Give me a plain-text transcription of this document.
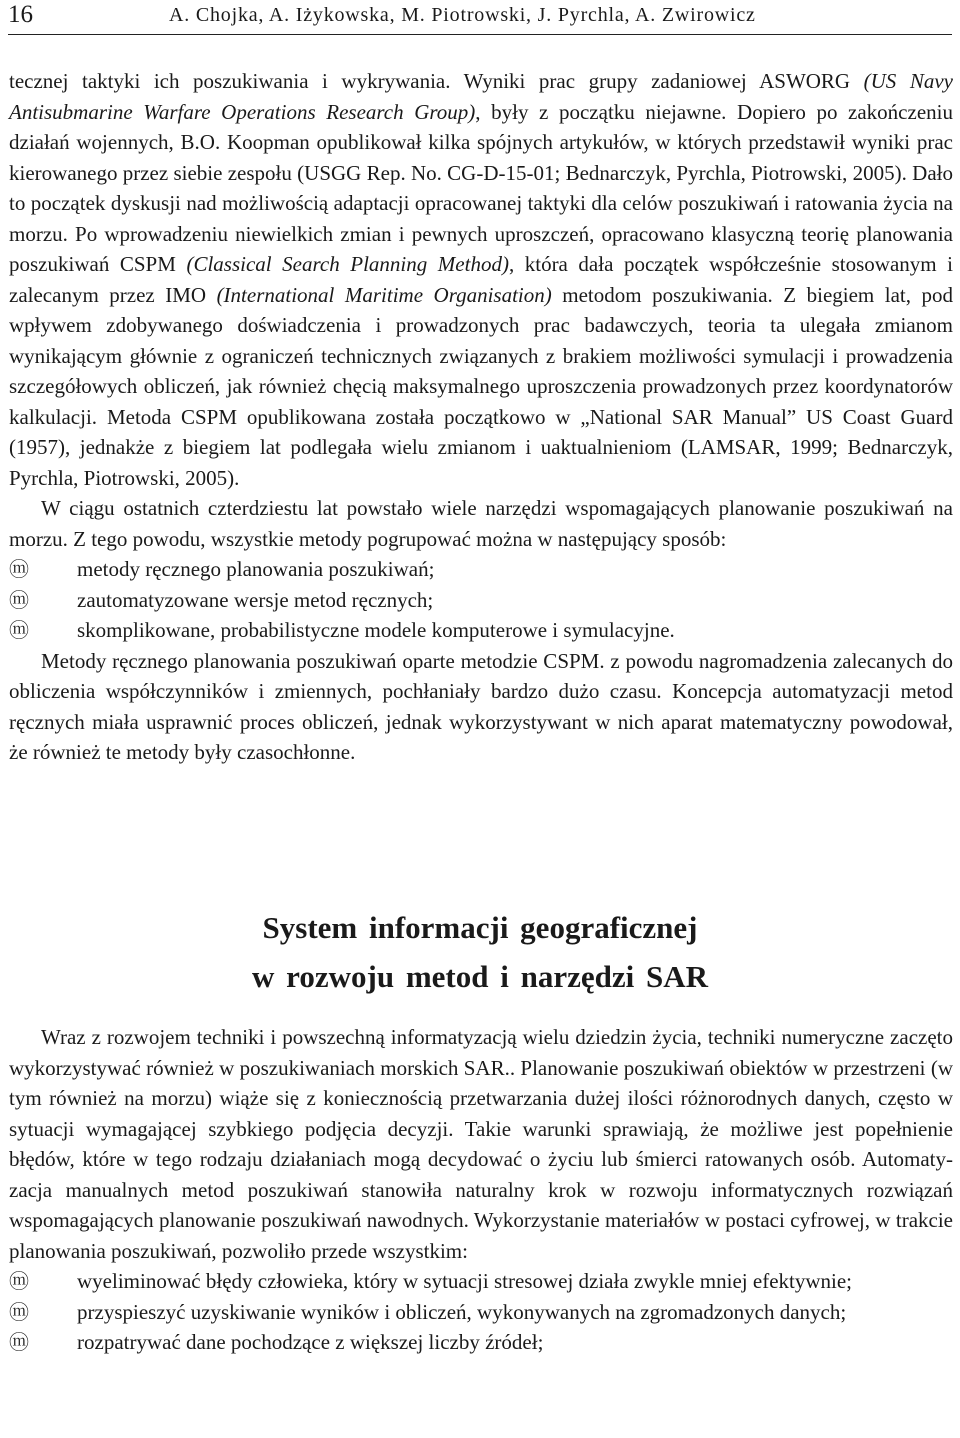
16	A. Chojka, A. Iżykowska, M. Piotrowski, J. Pyrchla, A. Zwirowicz

tecznej taktyki ich poszukiwania i wykrywania. Wyniki prac grupy zadaniowej ASWORG (US Navy Antisubmarine Warfare Operations Research Group), były z początku niejawne. Dopiero po zakończeniu działań wojennych, B.O. Koopman opublikował kilka spójnych artykułów, w których przedstawił wyniki prac kierowanego przez siebie zespołu (USGG Rep. No. CG-D-15-01; Bednarczyk, Pyrchla, Piotrowski, 2005). Dało to początek dyskusji nad możliwością adaptacji opracowanej taktyki dla celów poszukiwań i ratowania życia na morzu. Po wprowadzeniu niewielkich zmian i pewnych uproszczeń, opracowano klasyczną teorię planowania poszukiwań CSPM (Classical Search Planning Method), która dała początek współcześnie stosowanym i zalecanym przez IMO (International Maritime Organisation) metodom poszukiwania. Z biegiem lat, pod wpływem zdobywanego doświadczenia i prowadzonych prac badawczych, teoria ta ulegała zmianom wynikającym głównie z ograniczeń technicznych związanych z brakiem możliwości symulacji i prowadzenia szczegółowych obliczeń, jak również chęcią maksymalnego uproszczenia prowadzonych przez koordynatorów kalkulacji. Metoda CSPM opublikowana została początkowo w „National SAR Manual” US Coast Guard (1957), jednakże z biegiem lat podlegała wielu zmianom i uaktualnieniom (LAMSAR, 1999; Bednarczyk, Pyrchla, Piotrowski, 2005).

W ciągu ostatnich czterdziestu lat powstało wiele narzędzi wspomagających planowanie poszukiwań na morzu. Z tego powodu, wszystkie metody pogrupować można w następujący sposób:

ⓜ	metody ręcznego planowania poszukiwań;
ⓜ	zautomatyzowane wersje metod ręcznych;
ⓜ	skomplikowane, probabilistyczne modele komputerowe i symulacyjne.

Metody ręcznego planowania poszukiwań oparte metodzie CSPM. z powodu nagromadzenia zalecanych do obliczenia współczynników i zmiennych, pochłaniały bardzo dużo czasu. Koncepcja automatyzacji metod ręcznych miała usprawnić proces obliczeń, jednak wykorzystywant w nich aparat matematyczny powodował, że również te metody były czasochłonne.

System informacji geograficznej
w rozwoju metod i narzędzi SAR

Wraz z rozwojem techniki i powszechną informatyzacją wielu dziedzin życia, techniki numeryczne zaczęto wykorzystywać również w poszukiwaniach morskich SAR.. Planowanie poszukiwań obiektów w przestrzeni (w tym również na morzu) wiąże się z koniecznością przetwarzania dużej ilości różnorodnych danych, często w sytuacji wymagającej szybkiego podjęcia decyzji. Takie warunki sprawiają, że możliwe jest popełnienie błędów, które w tego rodzaju działaniach mogą decydować o życiu lub śmierci ratowanych osób. Automatyzacja manualnych metod poszukiwań stanowiła naturalny krok w rozwoju informatycznych rozwiązań wspomagających planowanie poszukiwań nawodnych. Wykorzystanie materiałów w postaci cyfrowej, w trakcie planowania poszukiwań, pozwoliło przede wszystkim:

ⓜ	wyeliminować błędy człowieka, który w sytuacji stresowej działa zwykle mniej efektywnie;
ⓜ	przyspieszyć uzyskiwanie wyników i obliczeń, wykonywanych na zgromadzonych danych;
ⓜ	rozpatrywać dane pochodzące z większej liczby źródeł;
